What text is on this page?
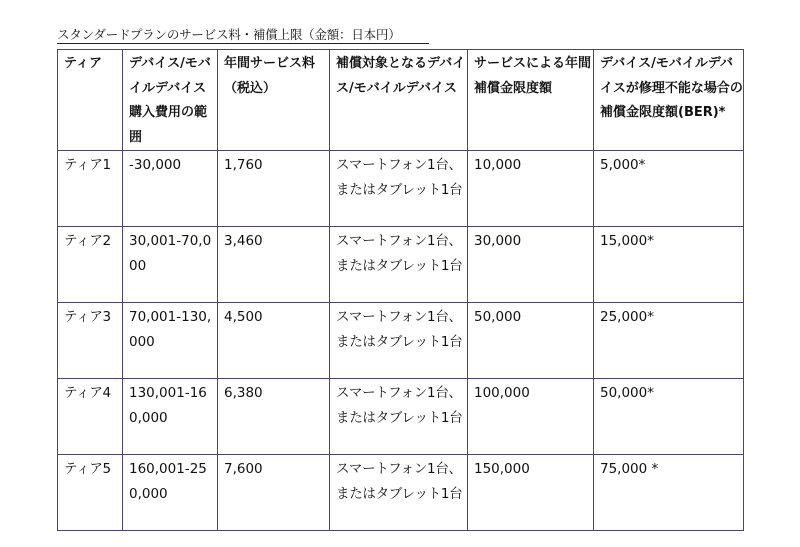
スタンダードプランのサービス料・補償上限（金額：日本円）
ティア	デバイス/モバイルデバイス購入費用の範囲	年間サービス料（税込）	補償対象となるデバイス/モバイルデバイス	サービスによる年間補償金限度額	デバイス/モバイルデバイスが修理不能な場合の補償金限度額(BER)*

ティア1	-30,000	1,760	スマートフォン1台、またはタブレット1台	10,000	5,000*
ティア2	30,001-70,000	3,460	スマートフォン1台、またはタブレット1台	30,000	15,000*
ティア3	70,001-130,000	4,500	スマートフォン1台、またはタブレット1台	50,000	25,000*
ティア4	130,001-160,000	6,380	スマートフォン1台、またはタブレット1台	100,000	50,000*
ティア5	160,001-250,000	7,600	スマートフォン1台、またはタブレット1台	150,000	75,000 *
